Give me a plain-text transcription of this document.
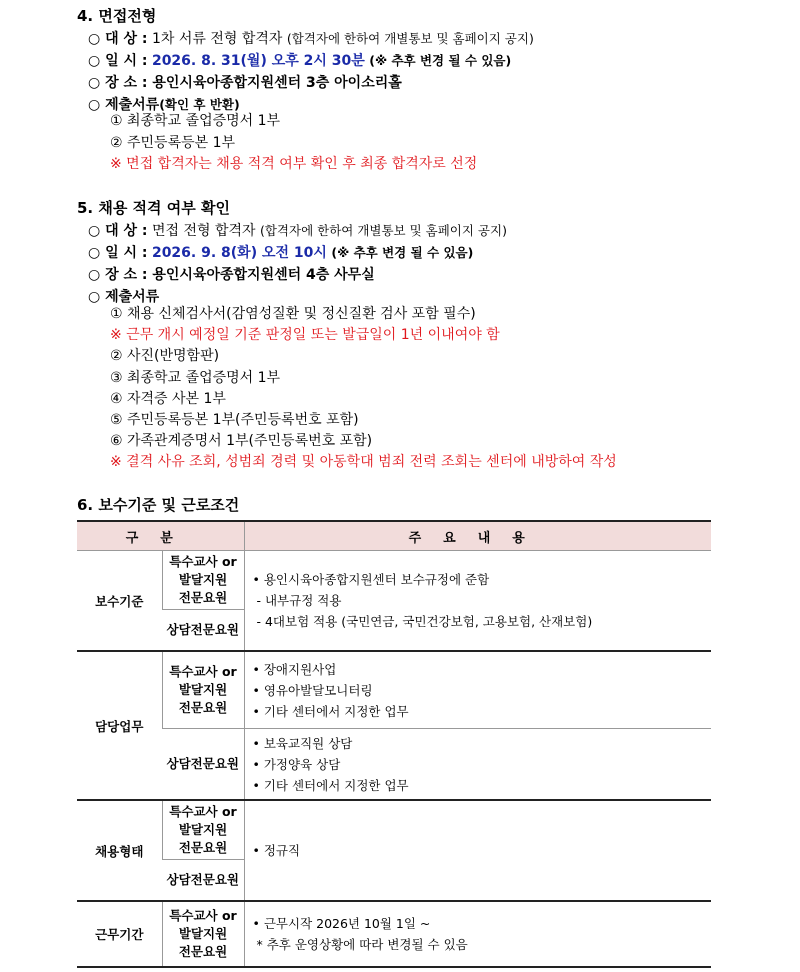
4. 면접전형
○ 대 상 : 1차 서류 전형 합격자 (합격자에 한하여 개별통보 및 홈페이지 공지)
○ 일 시 : 2026. 8. 31(월) 오후 2시 30분 (※ 추후 변경 될 수 있음)
○ 장 소 : 용인시육아종합지원센터 3층 아이소리홀
○ 제출서류(확인 후 반환)
① 최종학교 졸업증명서 1부
② 주민등록등본 1부
※ 면접 합격자는 채용 적격 여부 확인 후 최종 합격자로 선정
5. 채용 적격 여부 확인
○ 대 상 : 면접 전형 합격자 (합격자에 한하여 개별통보 및 홈페이지 공지)
○ 일 시 : 2026. 9. 8(화) 오전 10시 (※ 추후 변경 될 수 있음)
○ 장 소 : 용인시육아종합지원센터 4층 사무실
○ 제출서류
① 채용 신체검사서(감염성질환 및 정신질환 검사 포함 필수)
※ 근무 개시 예정일 기준 판정일 또는 발급일이 1년 이내여야 함
② 사진(반명함판)
③ 최종학교 졸업증명서 1부
④ 자격증 사본 1부
⑤ 주민등록등본 1부(주민등록번호 포함)
⑥ 가족관계증명서 1부(주민등록번호 포함)
※ 결격 사유 조회, 성범죄 경력 및 아동학대 범죄 전력 조회는 센터에 내방하여 작성
6. 보수기준 및 근로조건
구분		주요내용
보수기준	특수교사 or
발달지원
전문요원	• 용인시육아종합지원센터 보수규정에 준함
- 내부규정 적용
- 4대보험 적용 (국민연금, 국민건강보험, 고용보험, 산재보험)

	상담전문요원	
담당업무	특수교사 or
발달지원
전문요원	• 장애지원사업
• 영유아발달모니터링
• 기타 센터에서 지정한 업무

	상담전문요원	• 보육교직원 상담
• 가정양육 상담
• 기타 센터에서 지정한 업무

채용형태	특수교사 or
발달지원
전문요원	• 정규직
	상담전문요원	
근무기간	특수교사 or
발달지원
전문요원	• 근무시작 2026년 10월 1일 ~
* 추후 운영상황에 따라 변경될 수 있음
